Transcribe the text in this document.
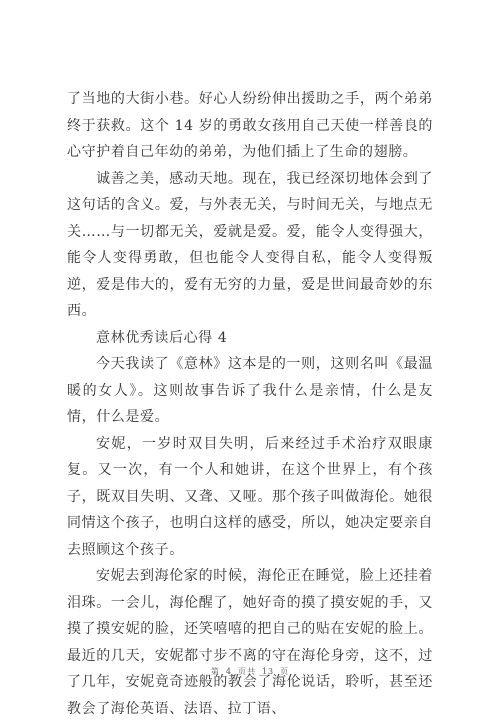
了当地的大街小巷。好心人纷纷伸出援助之手，两个弟弟终于获救。这个 14 岁的勇敢女孩用自己天使一样善良的心守护着自己年幼的弟弟，为他们插上了生命的翅膀。

诚善之美，感动天地。现在，我已经深切地体会到了这句话的含义。爱，与外表无关，与时间无关，与地点无关……与一切都无关，爱就是爱。爱，能令人变得强大，能令人变得勇敢，但也能令人变得自私，能令人变得叛逆，爱是伟大的，爱有无穷的力量，爱是世间最奇妙的东西。

意林优秀读后心得 4

今天我读了《意林》这本是的一则，这则名叫《最温暖的女人》。这则故事告诉了我什么是亲情，什么是友情，什么是爱。

安妮，一岁时双目失明，后来经过手术治疗双眼康复。又一次，有一个人和她讲，在这个世界上，有个孩子，既双目失明、又聋、又哑。那个孩子叫做海伦。她很同情这个孩子，也明白这样的感受，所以，她决定要亲自去照顾这个孩子。

安妮去到海伦家的时候，海伦正在睡觉，脸上还挂着泪珠。一会儿，海伦醒了，她好奇的摸了摸安妮的手，又摸了摸安妮的脸，还笑嘻嘻的把自己的贴在安妮的脸上。最近的几天，安妮都寸步不离的守在海伦身旁，这不，过了几年，安妮竟奇迹般的教会了海伦说话，聆听，甚至还教会了海伦英语、法语、拉丁语、

第 4 页共 13 页
